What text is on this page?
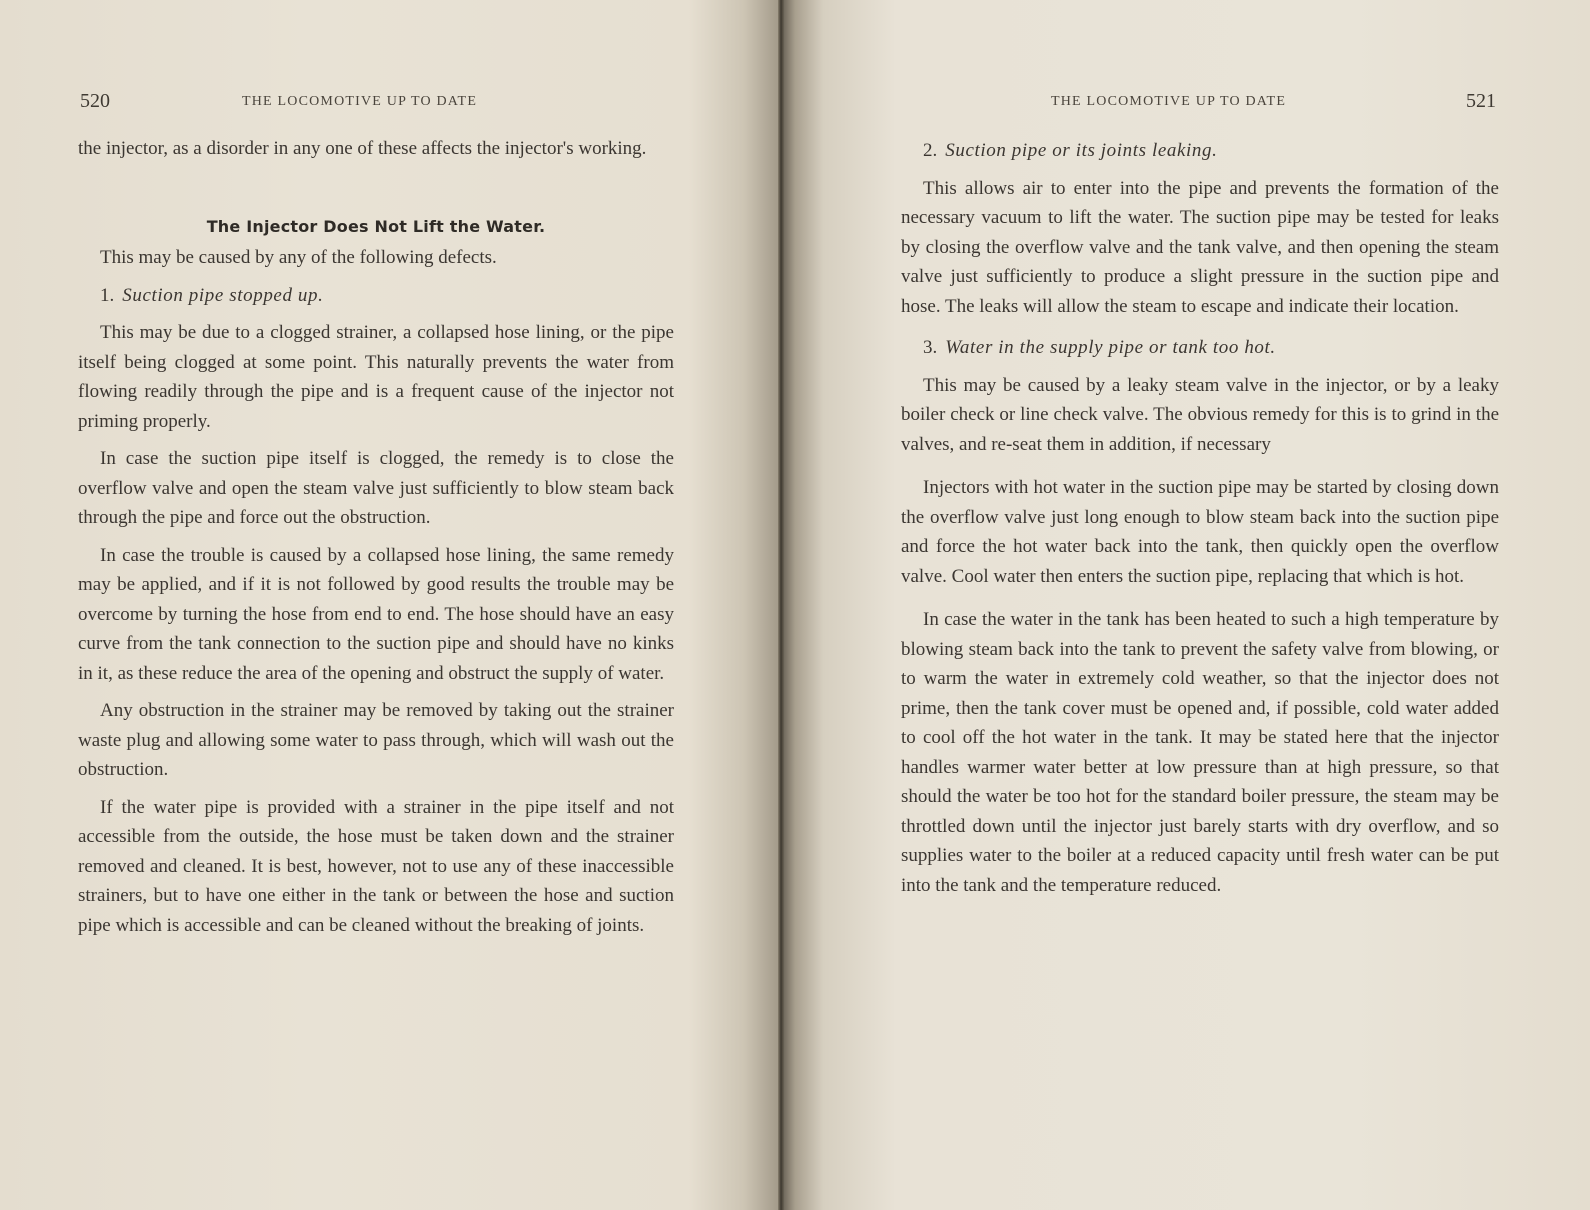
520	THE LOCOMOTIVE UP TO DATE

the injector, as a disorder in any one of these affects the injector's working.

The Injector Does Not Lift the Water.

This may be caused by any of the following defects.

1. Suction pipe stopped up.

This may be due to a clogged strainer, a collapsed hose lining, or the pipe itself being clogged at some point. This naturally prevents the water from flowing readily through the pipe and is a frequent cause of the injector not priming properly.

In case the suction pipe itself is clogged, the remedy is to close the overflow valve and open the steam valve just sufficiently to blow steam back through the pipe and force out the obstruction.

In case the trouble is caused by a collapsed hose lining, the same remedy may be applied, and if it is not followed by good results the trouble may be overcome by turning the hose from end to end. The hose should have an easy curve from the tank connection to the suction pipe and should have no kinks in it, as these reduce the area of the opening and obstruct the supply of water.

Any obstruction in the strainer may be removed by taking out the strainer waste plug and allowing some water to pass through, which will wash out the obstruction.

If the water pipe is provided with a strainer in the pipe itself and not accessible from the outside, the hose must be taken down and the strainer removed and cleaned. It is best, however, not to use any of these inaccessible strainers, but to have one either in the tank or between the hose and suction pipe which is accessible and can be cleaned without the breaking of joints.

THE LOCOMOTIVE UP TO DATE	521
2. Suction pipe or its joints leaking.

This allows air to enter into the pipe and prevents the formation of the necessary vacuum to lift the water. The suction pipe may be tested for leaks by closing the overflow valve and the tank valve, and then opening the steam valve just sufficiently to produce a slight pressure in the suction pipe and hose. The leaks will allow the steam to escape and indicate their location.

3. Water in the supply pipe or tank too hot.

This may be caused by a leaky steam valve in the injector, or by a leaky boiler check or line check valve. The obvious remedy for this is to grind in the valves, and re-seat them in addition, if necessary

Injectors with hot water in the suction pipe may be started by closing down the overflow valve just long enough to blow steam back into the suction pipe and force the hot water back into the tank, then quickly open the overflow valve. Cool water then enters the suction pipe, replacing that which is hot.

In case the water in the tank has been heated to such a high temperature by blowing steam back into the tank to prevent the safety valve from blowing, or to warm the water in extremely cold weather, so that the injector does not prime, then the tank cover must be opened and, if possible, cold water added to cool off the hot water in the tank. It may be stated here that the injector handles warmer water better at low pressure than at high pressure, so that should the water be too hot for the standard boiler pressure, the steam may be throttled down until the injector just barely starts with dry overflow, and so supplies water to the boiler at a reduced capacity until fresh water can be put into the tank and the temperature reduced.
